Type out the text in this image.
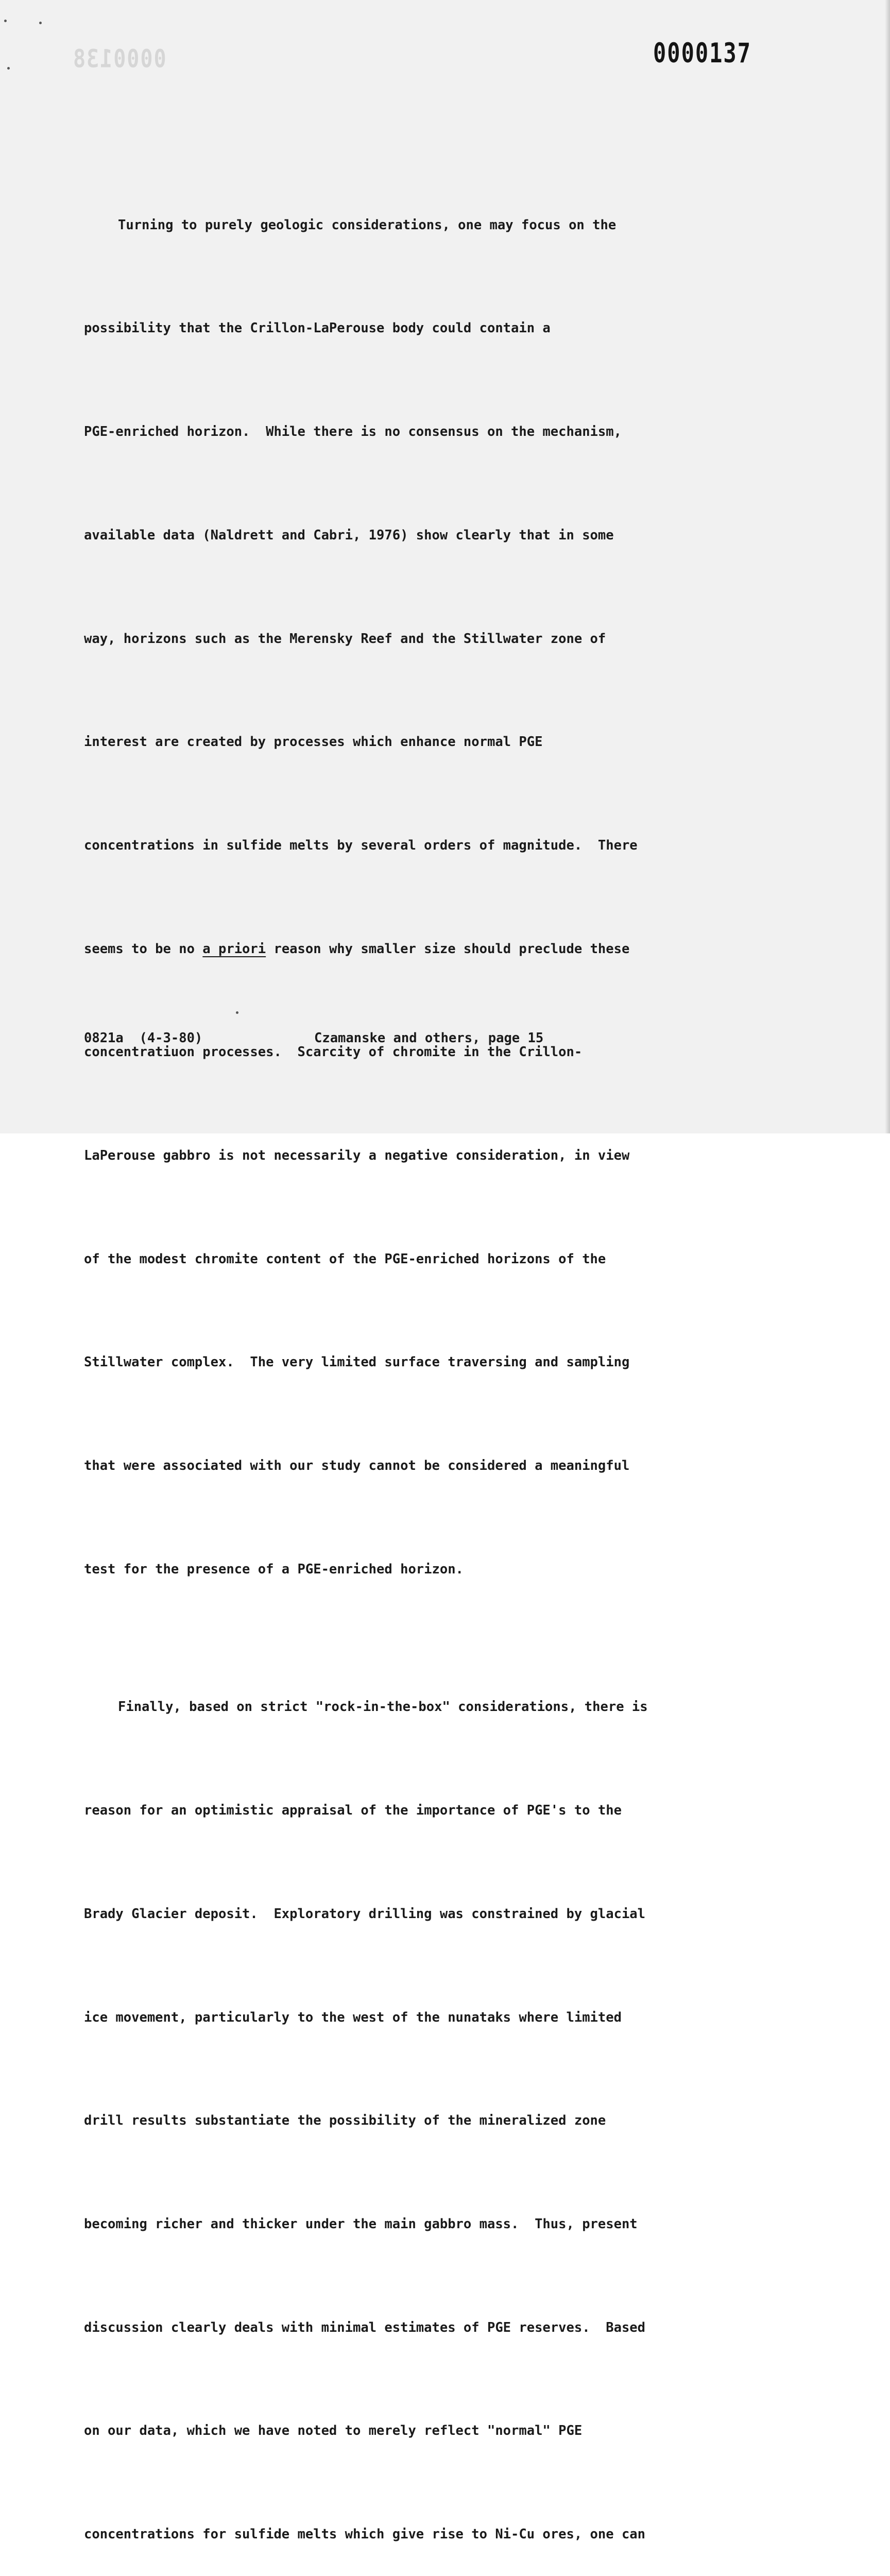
0000138	0000137

Turning to purely geologic considerations, one may focus on the

possibility that the Crillon-LaPerouse body could contain a

PGE-enriched horizon.  While there is no consensus on the mechanism,

available data (Naldrett and Cabri, 1976) show clearly that in some

way, horizons such as the Merensky Reef and the Stillwater zone of

interest are created by processes which enhance normal PGE

concentrations in sulfide melts by several orders of magnitude.  There

seems to be no a priori reason why smaller size should preclude these

concentratiuon processes.  Scarcity of chromite in the Crillon-

LaPerouse gabbro is not necessarily a negative consideration, in view

of the modest chromite content of the PGE-enriched horizons of the

Stillwater complex.  The very limited surface traversing and sampling

that were associated with our study cannot be considered a meaningful

test for the presence of a PGE-enriched horizon.

Finally, based on strict "rock-in-the-box" considerations, there is

reason for an optimistic appraisal of the importance of PGE's to the

Brady Glacier deposit.  Exploratory drilling was constrained by glacial

ice movement, particularly to the west of the nunataks where limited

drill results substantiate the possibility of the mineralized zone

becoming richer and thicker under the main gabbro mass.  Thus, present

discussion clearly deals with minimal estimates of PGE reserves.  Based

on our data, which we have noted to merely reflect "normal" PGE

concentrations for sulfide melts which give rise to Ni-Cu ores, one can

0821a  (4-3-80)

	Czamanske and others, page 15
